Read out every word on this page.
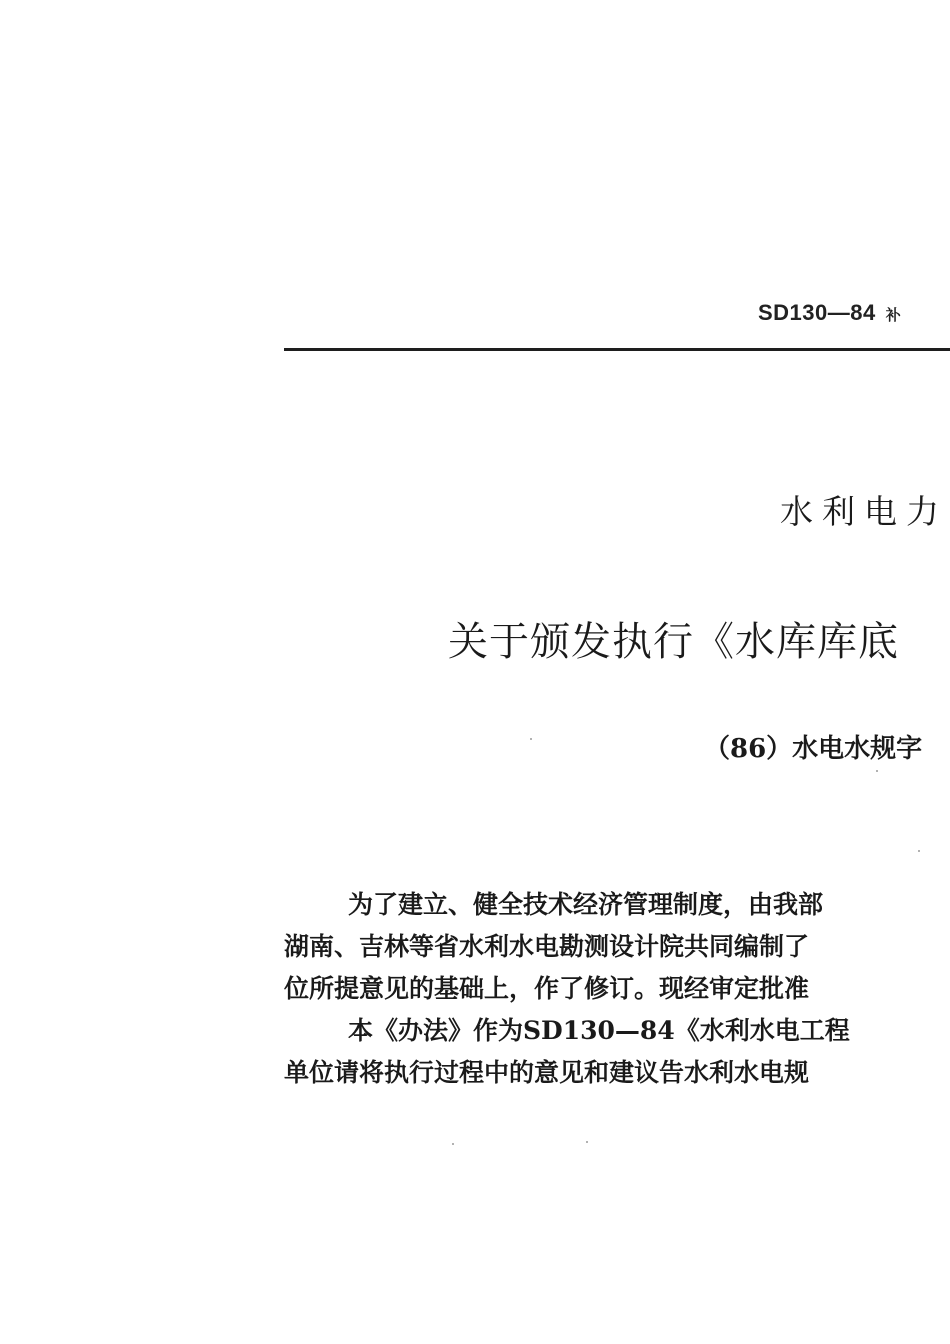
SD130—84 补
水利电力
关于颁发执行《水库库底
（86）水电水规字
为了建立、健全技术经济管理制度，由我部
湖南、吉林等省水利水电勘测设计院共同编制了
位所提意见的基础上，作了修订。现经审定批准
本《办法》作为SD130—84《水利水电工程
单位请将执行过程中的意见和建议告水利水电规
